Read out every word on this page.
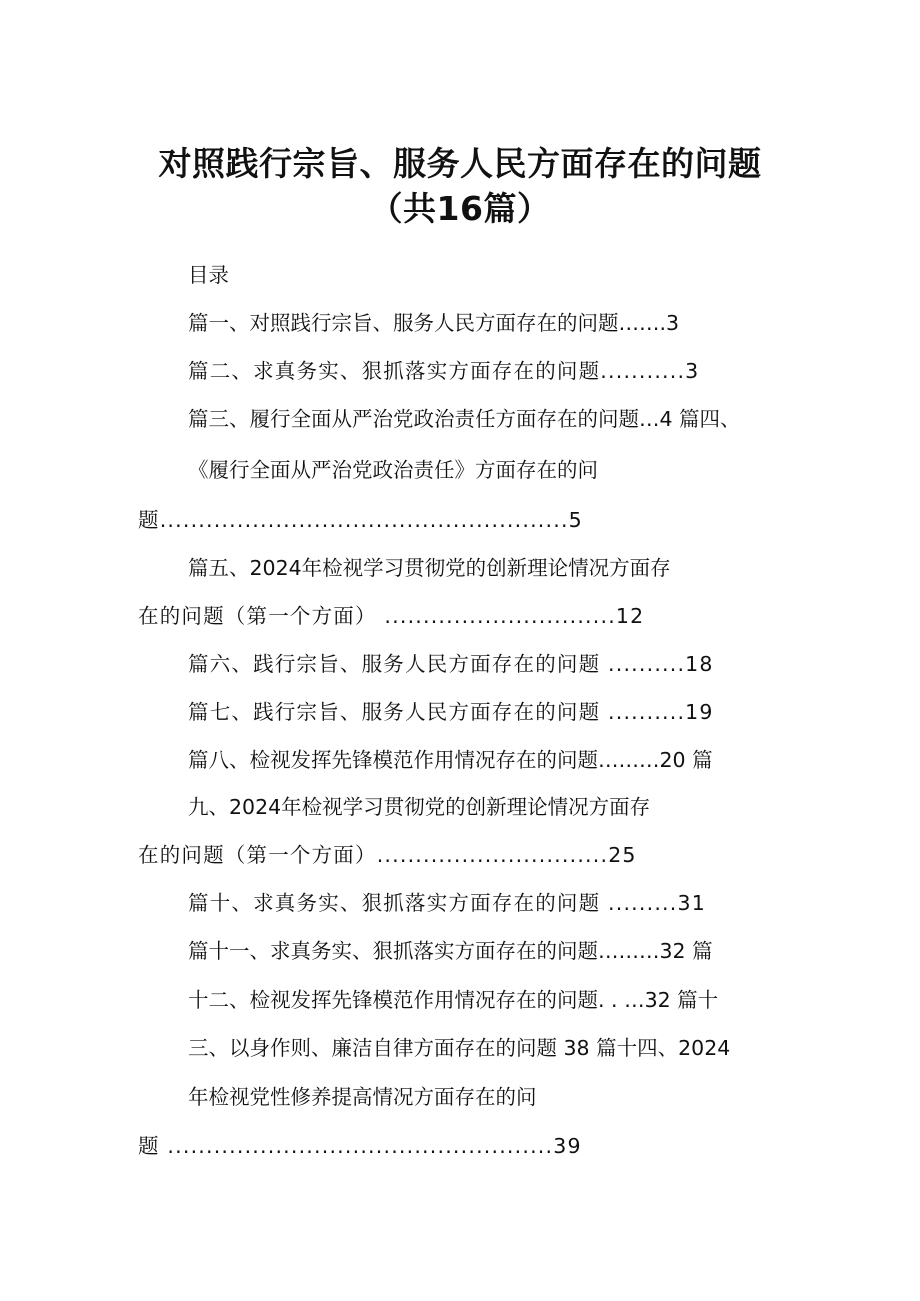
对照践行宗旨、服务人民方面存在的问题
（共16篇）
目录
篇一、对照践行宗旨、服务人民方面存在的问题…….3
篇二、求真务实、狠抓落实方面存在的问题...........3
篇三、履行全面从严治党政治责任方面存在的问题…4 篇四、
《履行全面从严治党政治责任》方面存在的问
题.....................................................5
篇五、2024年检视学习贯彻党的创新理论情况方面存
在的问题（第一个方面） ..............................12
篇六、践行宗旨、服务人民方面存在的问题 ..........18
篇七、践行宗旨、服务人民方面存在的问题 ..........19
篇八、检视发挥先锋模范作用情况存在的问题………20 篇
九、2024年检视学习贯彻党的创新理论情况方面存
在的问题（第一个方面）..............................25
篇十、求真务实、狠抓落实方面存在的问题 .........31
篇十一、求真务实、狠抓落实方面存在的问题………32 篇
十二、检视发挥先锋模范作用情况存在的问题. . …32 篇十
三、以身作则、廉洁自律方面存在的问题 38 篇十四、2024
年检视党性修养提高情况方面存在的问
题 ..................................................39
